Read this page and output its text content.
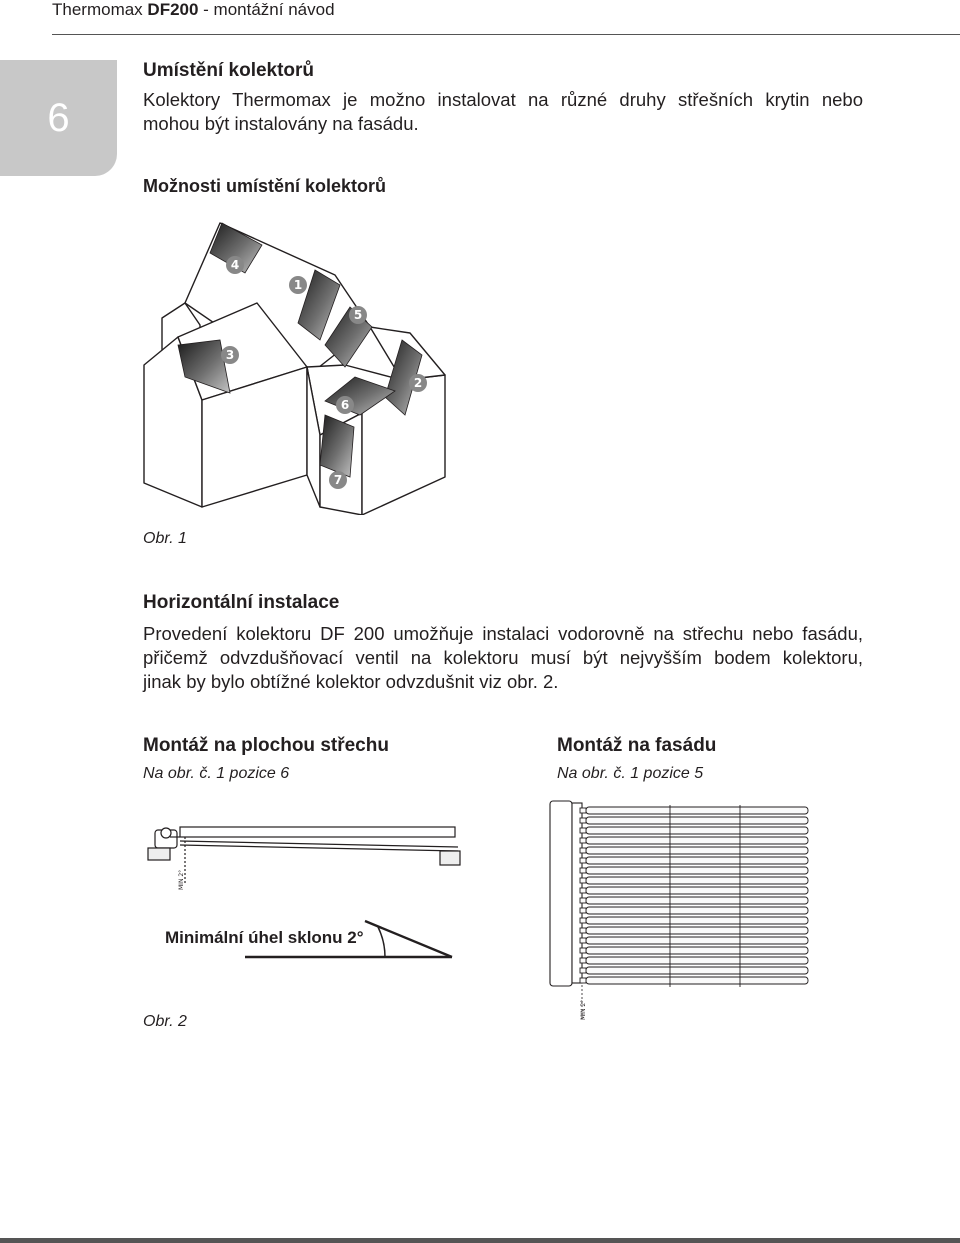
Thermomax DF200 - montážní návod
6
Umístění kolektorů
Kolektory Thermomax je možno instalovat na různé druhy střešních krytin nebo
mohou být instalovány na fasádu.
Možnosti umístění kolektorů
4
1
5
3
2
6
7
Obr. 1
Horizontální instalace
Provedení kolektoru DF 200 umožňuje instalaci vodorovně na střechu nebo fasádu,
přičemž odvzdušňovací ventil na kolektoru musí být nejvyšším bodem kolektoru,
jinak by bylo obtížné kolektor odvzdušnit viz obr. 2.
Montáž na plochou střechu	Montáž na fasádu
Na obr. č. 1 pozice 6	Na obr. č. 1 pozice 5
MIN 2°
Minimální úhel sklonu 2°
MIN 2°
Obr. 2
